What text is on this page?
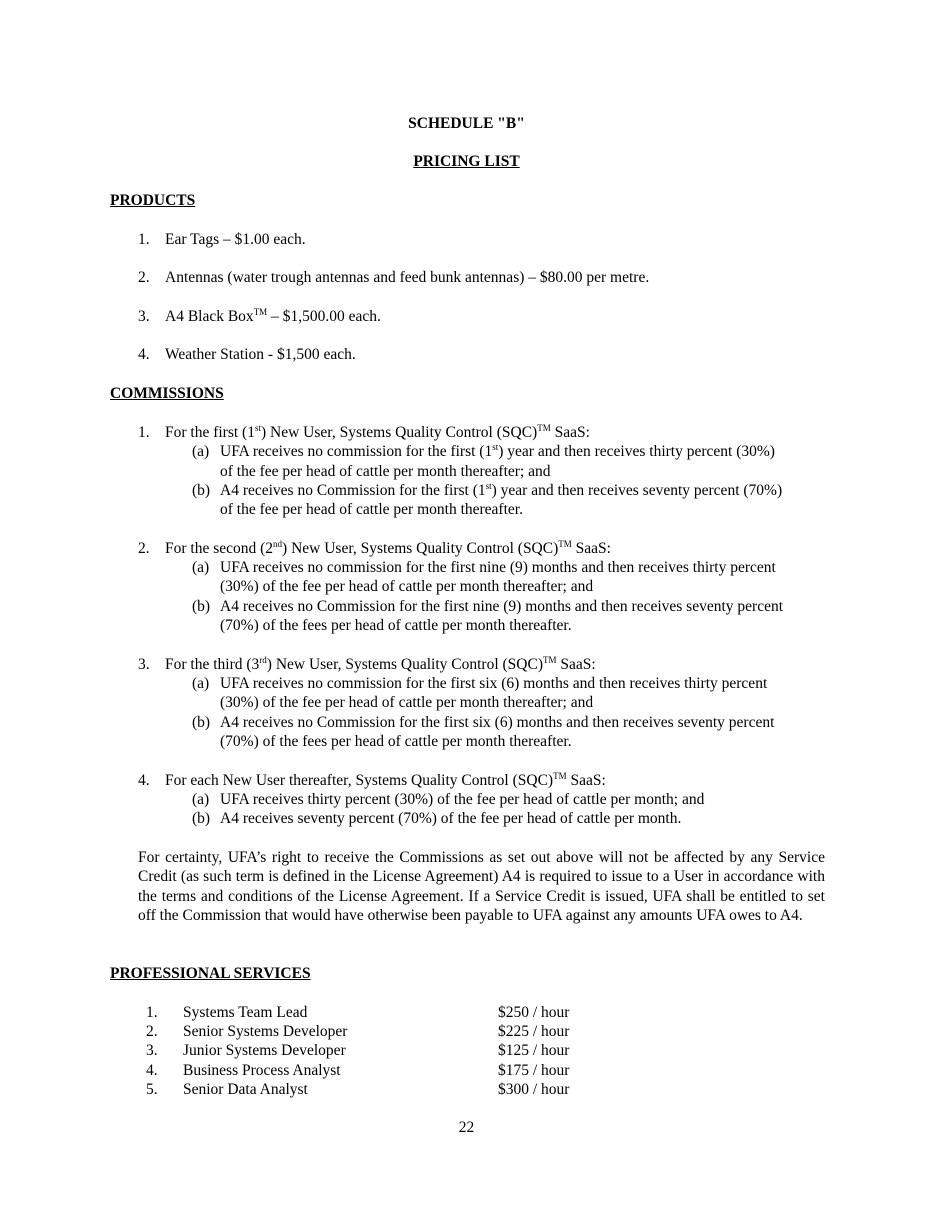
SCHEDULE "B"
PRICING LIST
PRODUCTS
1. Ear Tags – $1.00 each.
2. Antennas (water trough antennas and feed bunk antennas) – $80.00 per metre.
3. A4 Black Box™ – $1,500.00 each.
4. Weather Station - $1,500 each.
COMMISSIONS
1. For the first (1st) New User, Systems Quality Control (SQC)™ SaaS:
(a) UFA receives no commission for the first (1st) year and then receives thirty percent (30%)
of the fee per head of cattle per month thereafter; and
(b) A4 receives no Commission for the first (1st) year and then receives seventy percent (70%)
of the fee per head of cattle per month thereafter.
2. For the second (2nd) New User, Systems Quality Control (SQC)™ SaaS:
(a) UFA receives no commission for the first nine (9) months and then receives thirty percent
(30%) of the fee per head of cattle per month thereafter; and
(b) A4 receives no Commission for the first nine (9) months and then receives seventy percent
(70%) of the fees per head of cattle per month thereafter.
3. For the third (3rd) New User, Systems Quality Control (SQC)™ SaaS:
(a) UFA receives no commission for the first six (6) months and then receives thirty percent
(30%) of the fee per head of cattle per month thereafter; and
(b) A4 receives no Commission for the first six (6) months and then receives seventy percent
(70%) of the fees per head of cattle per month thereafter.
4. For each New User thereafter, Systems Quality Control (SQC)™ SaaS:
(a) UFA receives thirty percent (30%) of the fee per head of cattle per month; and
(b) A4 receives seventy percent (70%) of the fee per head of cattle per month.
For certainty, UFA’s right to receive the Commissions as set out above will not be affected by any Service Credit (as such term is defined in the License Agreement) A4 is required to issue to a User in accordance with the terms and conditions of the License Agreement. If a Service Credit is issued, UFA shall be entitled to set off the Commission that would have otherwise been payable to UFA against any amounts UFA owes to A4.
PROFESSIONAL SERVICES
1. Systems Team Lead	$250 / hour
2. Senior Systems Developer	$225 / hour
3. Junior Systems Developer	$125 / hour
4. Business Process Analyst	$175 / hour
5. Senior Data Analyst	$300 / hour
22
